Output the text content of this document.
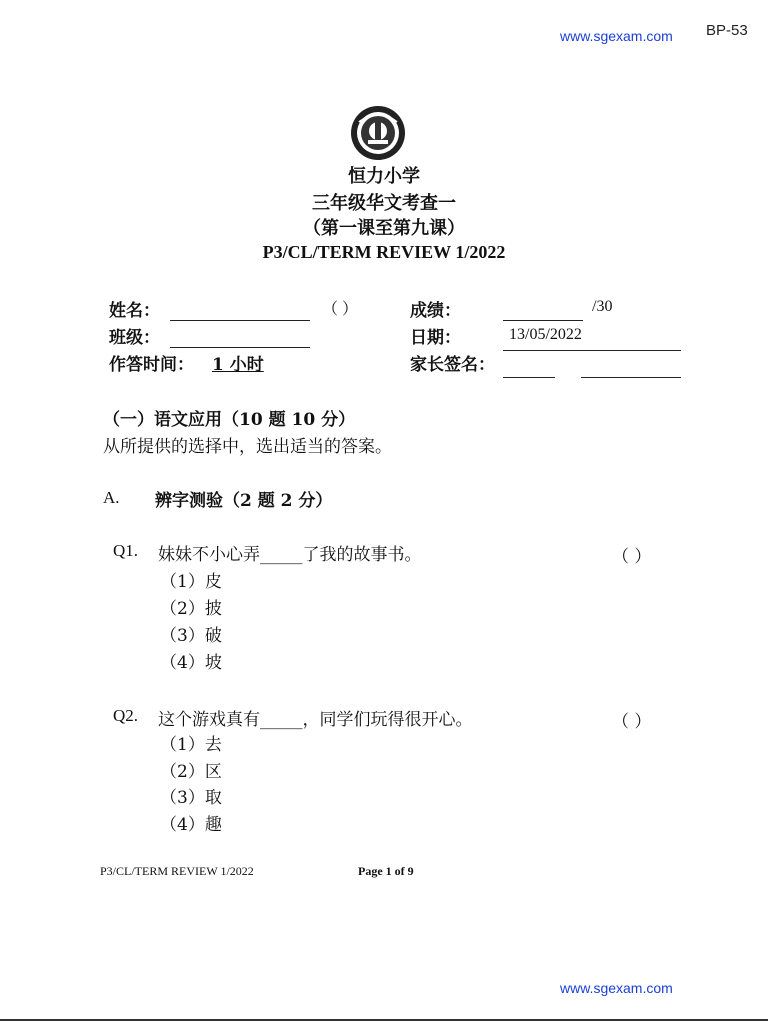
www.sgexam.com BP-53
恒力小学
三年级华文考查一
（第一课至第九课）
P3/CL/TERM REVIEW 1/2022
姓名：	（ ）
班级：
作答时间： 1 小时
成绩：	/30
日期：	13/05/2022
家长签名：
（一）语文应用（10 题 10 分）
从所提供的选择中，选出适当的答案。
A. 辨字测验（2 题 2 分）
Q1. 妹妹不小心弄_____了我的故事书。	（ ）
（1）皮
（2）披
（3）破
（4）坡
Q2. 这个游戏真有_____，同学们玩得很开心。	（ ）
（1）去
（2）区
（3）取
（4）趣
P3/CL/TERM REVIEW 1/2022	Page 1 of 9
www.sgexam.com
